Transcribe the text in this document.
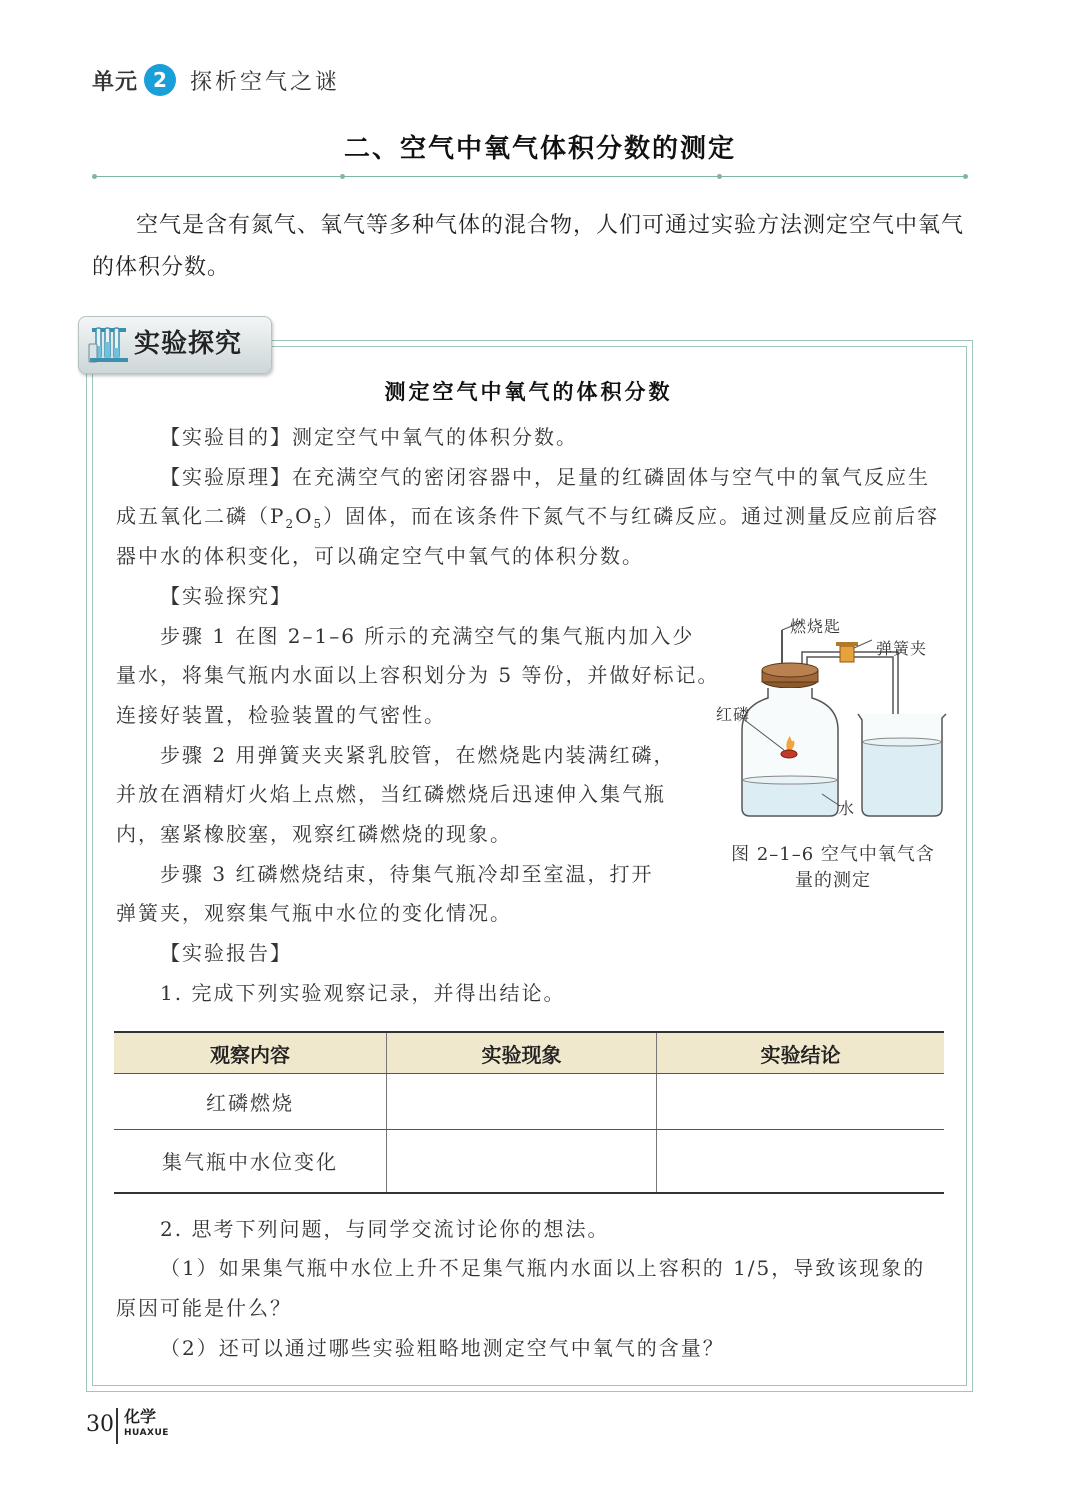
单元 2	探析空气之谜
二、空气中氧气体积分数的测定
空气是含有氮气、氧气等多种气体的混合物，人们可通过实验方法测定空气中氧气的体积分数。
实验探究
测定空气中氧气的体积分数
【实验目的】测定空气中氧气的体积分数。
【实验原理】在充满空气的密闭容器中，足量的红磷固体与空气中的氧气反应生
成五氧化二磷$(P_2O_5)$固体，而在该条件下氮气不与红磷反应。通过测量反应前后容
器中水的体积变化，可以确定空气中氧气的体积分数。
【实验探究】
步骤 1 在图 2–1–6 所示的充满空气的集气瓶内加入少
量水，将集气瓶内水面以上容积划分为 5 等份，并做好标记。
连接好装置，检验装置的气密性。
步骤 2 用弹簧夹夹紧乳胶管，在燃烧匙内装满红磷，
并放在酒精灯火焰上点燃，当红磷燃烧后迅速伸入集气瓶
内，塞紧橡胶塞，观察红磷燃烧的现象。
步骤 3 红磷燃烧结束，待集气瓶冷却至室温，打开
弹簧夹，观察集气瓶中水位的变化情况。
【实验报告】
1. 完成下列实验观察记录，并得出结论。
燃烧匙
弹簧夹
红磷
水
图 2–1–6 空气中氧气含
量的测定
观察内容	实验现象	实验结论
红磷燃烧		
集气瓶中水位变化		
2. 思考下列问题，与同学交流讨论你的想法。
（1）如果集气瓶中水位上升不足集气瓶内水面以上容积的 1/5，导致该现象的
原因可能是什么？
（2）还可以通过哪些实验粗略地测定空气中氧气的含量？
30 化学
HUAXUE
